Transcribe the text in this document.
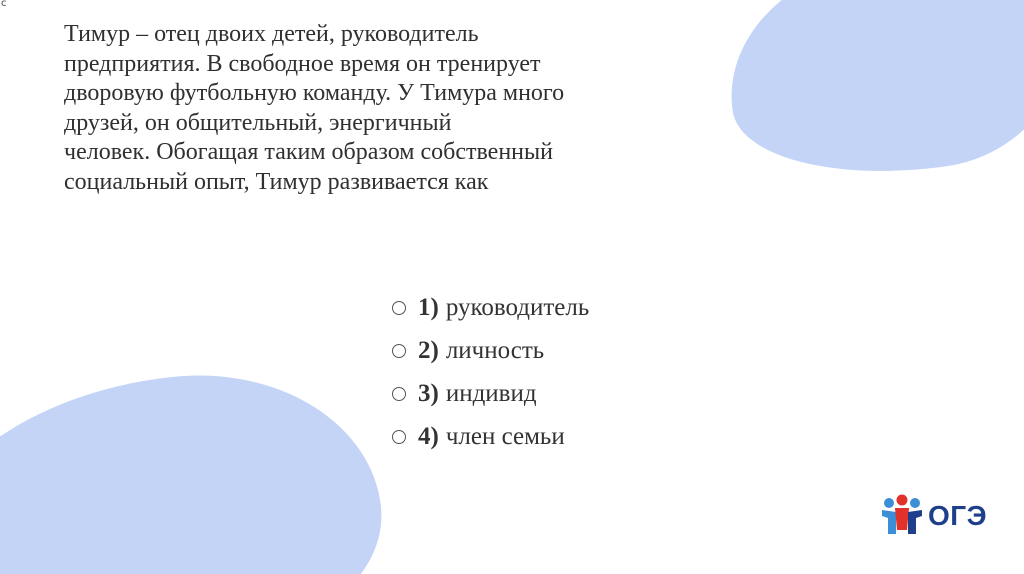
c
Тимур – отец двоих детей, руководитель
предприятия. В свободное время он тренирует
дворовую футбольную команду. У Тимура много
друзей, он общительный, энергичный
человек. Обогащая таким образом собственный
социальный опыт, Тимур развивается как
1) руководитель
2) личность
3) индивид
4) член семьи
ОГЭ
